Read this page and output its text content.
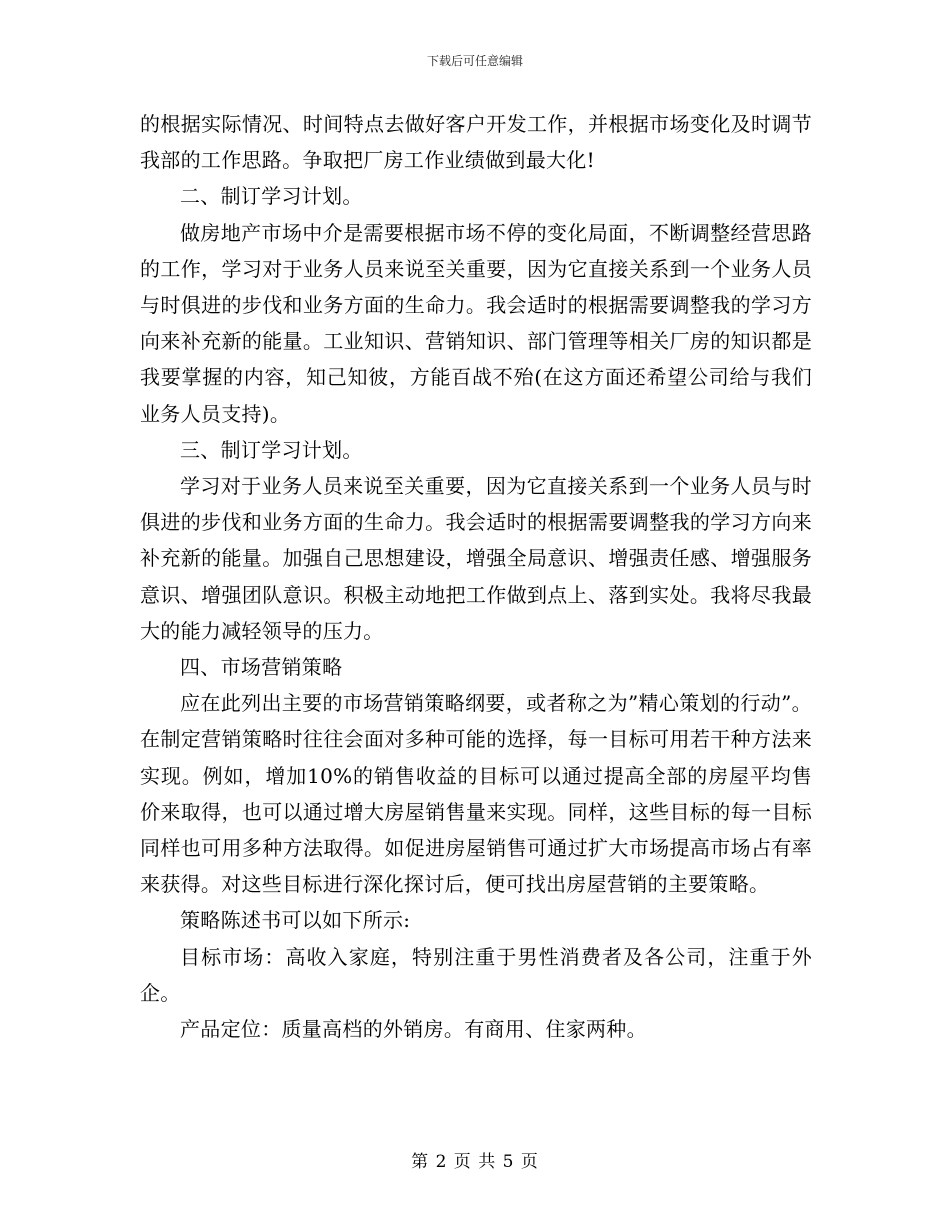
下载后可任意编辑

的根据实际情况、时间特点去做好客户开发工作，并根据市场变化及时调节我部的工作思路。争取把厂房工作业绩做到最大化!

二、制订学习计划。

做房地产市场中介是需要根据市场不停的变化局面，不断调整经营思路的工作，学习对于业务人员来说至关重要，因为它直接关系到一个业务人员与时俱进的步伐和业务方面的生命力。我会适时的根据需要调整我的学习方向来补充新的能量。工业知识、营销知识、部门管理等相关厂房的知识都是我要掌握的内容，知己知彼，方能百战不殆(在这方面还希望公司给与我们业务人员支持)。

三、制订学习计划。

学习对于业务人员来说至关重要，因为它直接关系到一个业务人员与时俱进的步伐和业务方面的生命力。我会适时的根据需要调整我的学习方向来补充新的能量。加强自己思想建设，增强全局意识、增强责任感、增强服务意识、增强团队意识。积极主动地把工作做到点上、落到实处。我将尽我最大的能力减轻领导的压力。

四、市场营销策略

应在此列出主要的市场营销策略纲要，或者称之为”精心策划的行动”。在制定营销策略时往往会面对多种可能的选择，每一目标可用若干种方法来实现。例如，增加10%的销售收益的目标可以通过提高全部的房屋平均售价来取得，也可以通过增大房屋销售量来实现。同样，这些目标的每一目标同样也可用多种方法取得。如促进房屋销售可通过扩大市场提高市场占有率来获得。对这些目标进行深化探讨后，便可找出房屋营销的主要策略。

策略陈述书可以如下所示:

目标市场：高收入家庭，特别注重于男性消费者及各公司，注重于外企。

产品定位：质量高档的外销房。有商用、住家两种。

第 2 页 共 5 页
